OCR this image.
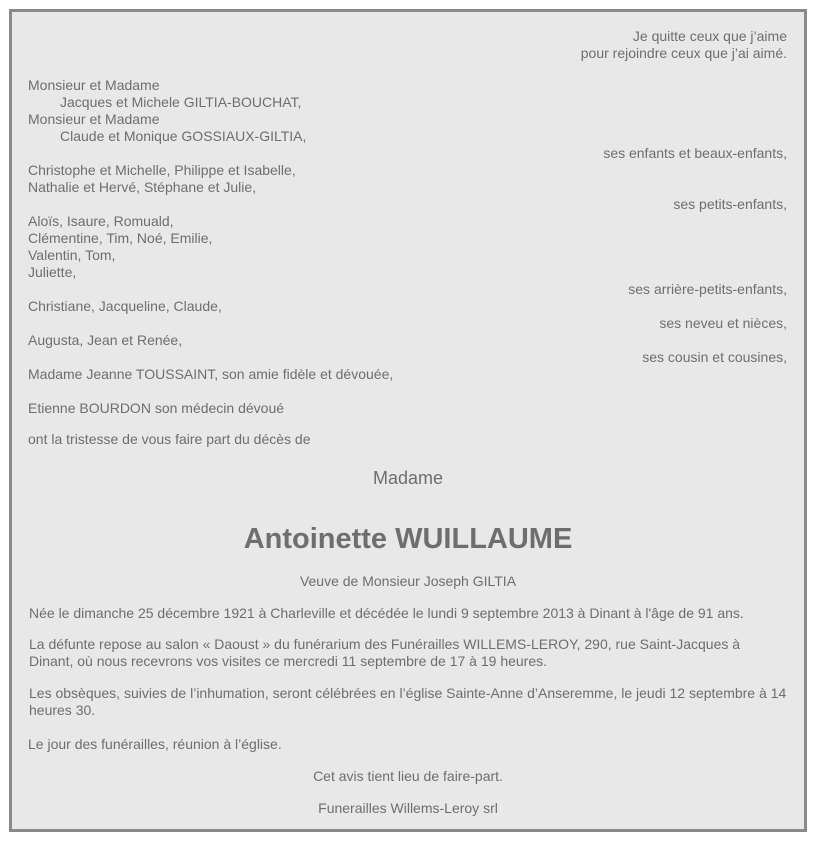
Je quitte ceux que j’aime
pour rejoindre ceux que j’ai aimé.
Monsieur et Madame
Jacques et Michele GILTIA-BOUCHAT,
Monsieur et Madame
Claude et Monique GOSSIAUX-GILTIA,
ses enfants et beaux-enfants,
Christophe et Michelle, Philippe et Isabelle,
Nathalie et Hervé, Stéphane et Julie,
ses petits-enfants,
Aloïs, Isaure, Romuald,
Clémentine, Tim, Noé, Emilie,
Valentin, Tom,
Juliette,
ses arrière-petits-enfants,
Christiane, Jacqueline, Claude,
ses neveu et nièces,
Augusta, Jean et Renée,
ses cousin et cousines,
Madame Jeanne TOUSSAINT, son amie fidèle et dévouée,
Etienne BOURDON son médecin dévoué
ont la tristesse de vous faire part du décès de
Madame
Antoinette WUILLAUME
Veuve de Monsieur Joseph GILTIA
Née le dimanche 25 décembre 1921 à Charleville et décédée le lundi 9 septembre 2013 à Dinant à l'âge de 91 ans.
La défunte repose au salon « Daoust » du funérarium des Funérailles WILLEMS-LEROY, 290, rue Saint-Jacques à Dinant, où nous recevrons vos visites ce mercredi 11 septembre de 17 à 19 heures.
Les obsèques, suivies de l’inhumation, seront célébrées en l’église Sainte-Anne d’Anseremme, le jeudi 12 septembre à 14 heures 30.
Le jour des funérailles, réunion à l’église.
Cet avis tient lieu de faire-part.
Funerailles Willems-Leroy srl
